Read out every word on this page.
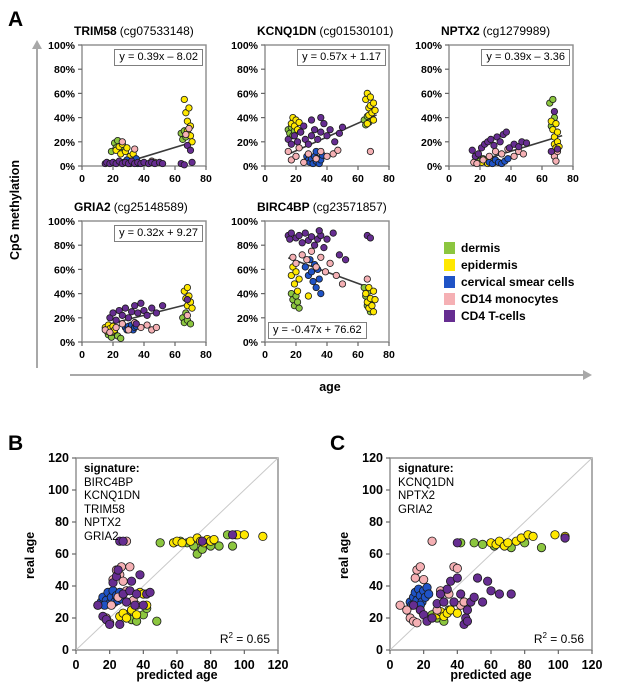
A
CpG methylation
age
TRIM58 (cg07533148)
y = 0.39x – 8.02
0 20 40 60 80
0%
20%
40%
60%
80%
100%
KCNQ1DN (cg01530101)
y = 0.57x + 1.17
0 20 40 60 80
0%
20%
40%
60%
80%
100%
NPTX2 (cg1279989)
y = 0.39x – 3.36
0 20 40 60 80
0%
20%
40%
60%
80%
100%
GRIA2 (cg25148589)
y = 0.32x + 9.27
0 20 40 60 80
0%
20%
40%
60%
80%
100%
BIRC4BP (cg23571857)
y = -0.47x + 76.62
0 20 40 60 80
0%
20%
40%
60%
80%
100%
dermis
epidermis
cervical smear cells
CD14 monocytes
CD4 T-cells
B
real age
predicted age
signature:
BIRC4BP
KCNQ1DN
TRIM58
NPTX2
GRIA2
$R^2 = 0.65$
0 20 40 60 80 100 120
0
20
40
60
80
100
120
C
real age
predicted age
signature:
KCNQ1DN
NPTX2
GRIA2
$R^2 = 0.56$
0 20 40 60 80 100 120
0
20
40
60
80
100
120
